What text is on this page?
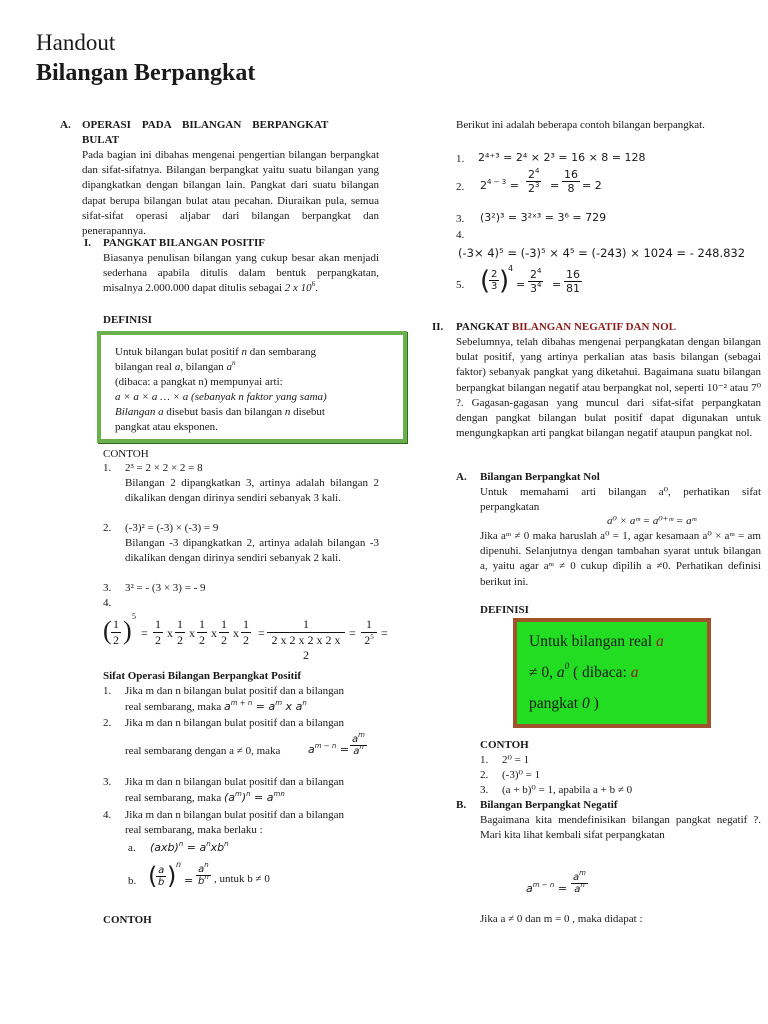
Handout
Bilangan Berpangkat
A. OPERASI    PADA    BILANGAN    BERPANGKAT
BULAT
Pada bagian ini dibahas mengenai pengertian bilangan berpangkat dan sifat-sifatnya. Bilangan berpangkat yaitu suatu bilangan yang dipangkatkan dengan bilangan lain. Pangkat dari suatu bilangan dapat berupa bilangan bulat atau pecahan. Diuraikan pula, semua sifat-sifat operasi aljabar dari bilangan berpangkat dan penerapannya.
I. PANGKAT BILANGAN POSITIF
Biasanya penulisan bilangan yang cukup besar akan menjadi sederhana apabila ditulis dalam bentuk perpangkatan, misalnya 2.000.000 dapat ditulis sebagai 2 x $10^6$.
DEFINISI
Untuk bilangan bulat positif n dan sembarang
bilangan real a, bilangan $a^n$
(dibaca: a pangkat n) mempunyai arti:
a × a × a … × a (sebanyak n faktor yang sama)
Bilangan a disebut basis dan bilangan n disebut
pangkat atau eksponen.
CONTOH
1. 2³ = 2 × 2 × 2 = 8
Bilangan 2 dipangkatkan 3, artinya adalah bilangan 2 dikalikan dengan dirinya sendiri sebanyak 3 kali.
2. (-3)² = (-3) × (-3) = 9
Bilangan -3 dipangkatkan 2, artinya adalah bilangan -3 dikalikan dengan dirinya sendiri sebanyak 2 kali.
3. 3² = - (3 × 3) = - 9
4.
( $\frac{1}{2}$ ) 5
= $\frac{1}{2}$ x $\frac{1}{2}$ x $\frac{1}{2}$ x $\frac{1}{2}$ x $\frac{1}{2} = \frac{1}{2 x 2 x 2 x 2 x 2} = \frac{1}{2^5}$ =
Sifat Operasi Bilangan Berpangkat Positif
1. Jika m dan n bilangan bulat positif dan a bilangan
real sembarang, maka $a^{m + n} = a^m$ x $a^n$
2. Jika m dan n bilangan bulat positif dan a bilangan
real sembarang dengan a ≠ 0, maka	$a^{m - n} = \frac{a^m}{a^n}$
3. Jika m dan n bilangan bulat positif dan a bilangan
real sembarang, maka $(a^m)^n = a^{mn}$
4. Jika m dan n bilangan bulat positif dan a bilangan
real sembarang, maka berlaku :
a. $(axb)^n = a^nxb^n$
b. (
$\frac{a}{b}$ ) n
= $\frac{a^n}{b^n}$ , untuk b ≠ 0
CONTOH
Berikut ini adalah beberapa contoh bilangan berpangkat.
1. 2⁴⁺³ = 2⁴ × 2³ = 16 × 8 = 128
2. $2^{4 - 3} = \frac{2^4}{2^3} = \frac{16}{8} = 2$
3. (3²)³ = 3²ˣ³ = 3⁶ = 729
4.
(-3× 4)⁵ = (-3)⁵ × 4⁵ = (-243) × 1024 = - 248.832
5. (
$\frac{2}{3}$ )
4
= $\frac{2^4}{3^4} = \frac{16}{81}$
II. PANGKAT BILANGAN NEGATIF DAN NOL
Sebelumnya, telah dibahas mengenai perpangkatan dengan bilangan bulat positif, yang artinya perkalian atas basis bilangan (sebagai faktor) sebanyak pangkat yang diketahui. Bagaimana suatu bilangan berpangkat bilangan negatif atau berpangkat nol, seperti 10⁻² atau 7⁰ ?. Gagasan-gagasan yang muncul dari sifat-sifat perpangkatan dengan pangkat bilangan bulat positif dapat digunakan untuk mengungkapkan arti pangkat bilangan negatif ataupun pangkat nol.
A. Bilangan Berpangkat Nol
Untuk memahami arti bilangan a⁰, perhatikan sifat perpangkatan
a⁰ × aᵐ = a⁰⁺ᵐ = aᵐ
Jika aᵐ ≠ 0 maka haruslah a⁰ = 1, agar kesamaan a⁰ × aᵐ = am dipenuhi. Selanjutnya dengan tambahan syarat untuk bilangan a, yaitu agar aᵐ ≠ 0 cukup dipilih a ≠0. Perhatikan definisi berikut ini.
DEFINISI
Untuk bilangan real a
≠ 0, $a^0$ ( dibaca: a
pangkat 0 )
CONTOH
1. 2⁰ = 1
2. (-3)⁰ = 1
3. (a + b)⁰ = 1, apabila a + b ≠ 0
B. Bilangan Berpangkat Negatif
Bagaimana kita mendefinisikan bilangan pangkat negatif ?. Mari kita lihat kembali sifat perpangkatan
$a^{m - n} = \frac{a^m}{a^n}$
Jika a ≠ 0 dan m = 0 , maka didapat :
